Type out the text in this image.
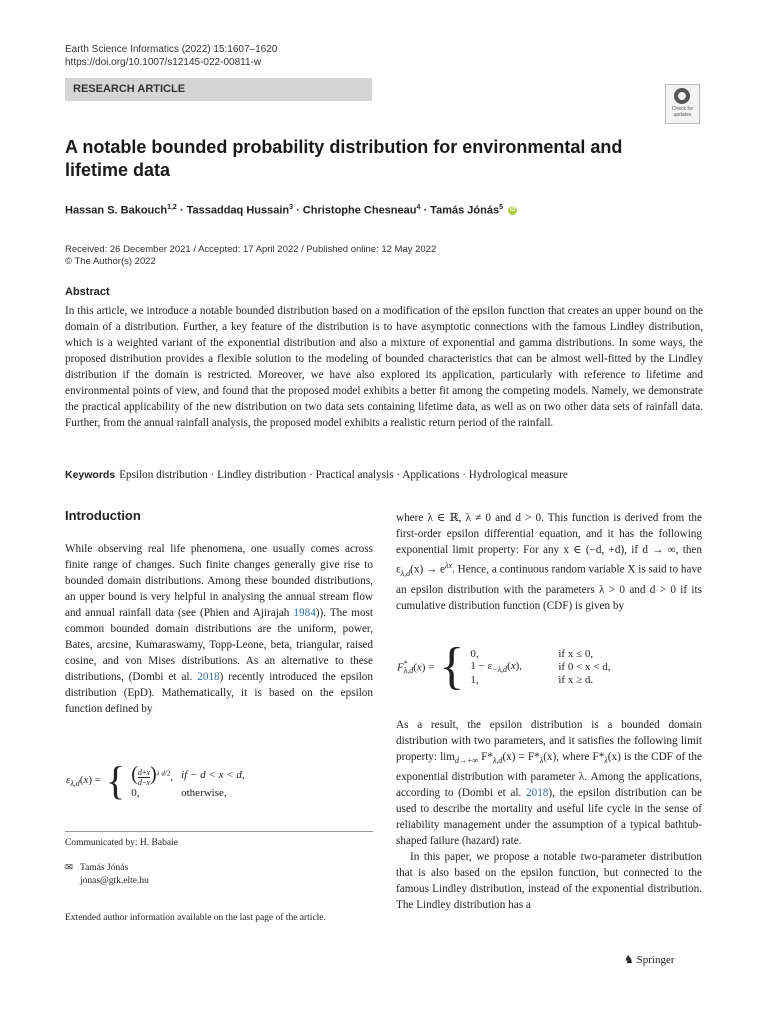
Earth Science Informatics (2022) 15:1607–1620
https://doi.org/10.1007/s12145-022-00811-w
RESEARCH ARTICLE
Check for updates
A notable bounded probability distribution for environmental and lifetime data
Hassan S. Bakouch$^{1,2}$ · Tassaddaq Hussain$^3$ · Christophe Chesneau$^4$ · Tamás Jónás$^5$ iD
Received: 26 December 2021 / Accepted: 17 April 2022 / Published online: 12 May 2022
© The Author(s) 2022
Abstract

In this article, we introduce a notable bounded distribution based on a modification of the epsilon function that creates an upper bound on the domain of a distribution. Further, a key feature of the distribution is to have asymptotic connections with the famous Lindley distribution, which is a weighted variant of the exponential distribution and also a mixture of exponential and gamma distributions. In some ways, the proposed distribution provides a flexible solution to the modeling of bounded characteristics that can be almost well-fitted by the Lindley distribution if the domain is restricted. Moreover, we have also explored its application, particularly with reference to lifetime and environmental points of view, and found that the proposed model exhibits a better fit among the competing models. Namely, we demonstrate the practical applicability of the new distribution on two data sets containing lifetime data, as well as on two other data sets of rainfall data. Further, from the annual rainfall analysis, the proposed model exhibits a realistic return period of the rainfall.

Keywords Epsilon distribution · Lindley distribution · Practical analysis · Applications · Hydrological measure
Introduction

While observing real life phenomena, one usually comes across finite range of changes. Such finite changes generally give rise to bounded domain distributions. Among these bounded distributions, an upper bound is very helpful in analysing the annual stream flow and annual rainfall data (see (Phien and Ajirajah 1984)). The most common bounded domain distributions are the uniform, power, Bates, arcsine, Kumaraswamy, Topp-Leone, beta, triangular, raised cosine, and von Mises distributions. As an alternative to these distributions, (Dombi et al. 2018) recently introduced the epsilon distribution (EpD). Mathematically, it is based on the epsilon function defined by

$\varepsilon_{\lambda,d}(x)$ =	{	( $\frac{d+x}{d-x} )^{\lambda d/2}$,	if − d < x < d,
0,	otherwise,
Communicated by: H. Babaie
✉ Tamás Jónás
jonas@gtk.elte.hu
Extended author information available on the last page of the article.

where λ ∈ ℝ, λ ≠ 0 and d > 0. This function is derived from the first-order epsilon differential equation, and it has the following exponential limit property: For any x ∈ (−d, +d), if d → ∞, then $\varepsilon_{\lambda,d}(x) \to e^{\lambda x}$. Hence, a continuous random variable X is said to have an epsilon distribution with the parameters λ > 0 and d > 0 if its cumulative distribution function (CDF) is given by

$F^*_{\lambda,d}(x)$ =	{	0,	if x ≤ 0,
$1 - \varepsilon_{-\lambda,d}(x)$,	if 0 < x < d,
1,	if x ≥ d.

As a result, the epsilon distribution is a bounded domain distribution with two parameters, and it satisfies the following limit property: $\lim_{d\to+\infty} F*_{\lambda,d}(x) = F*_\lambda(x)$, where $F*_\lambda(x)$ is the CDF of the exponential distribution with parameter λ. Among the applications, according to (Dombi et al. 2018), the epsilon distribution can be used to describe the mortality and useful life cycle in the sense of reliability management under the assumption of a typical bathtub-shaped failure (hazard) rate.
In this paper, we propose a notable two-parameter distribution that is also based on the epsilon function, but connected to the famous Lindley distribution, instead of the exponential distribution. The Lindley distribution has a

♞ Springer
